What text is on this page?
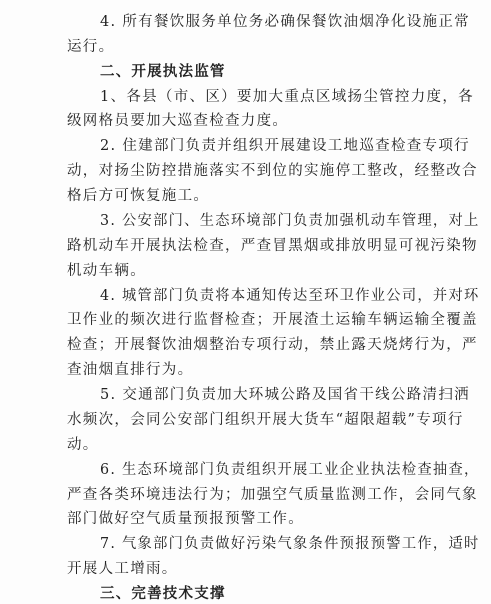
4. 所有餐饮服务单位务必确保餐饮油烟净化设施正常
运行。
二、开展执法监管
1、各县（市、区）要加大重点区域扬尘管控力度，各
级网格员要加大巡查检查力度。
2. 住建部门负责并组织开展建设工地巡查检查专项行
动，对扬尘防控措施落实不到位的实施停工整改，经整改合
格后方可恢复施工。
3. 公安部门、生态环境部门负责加强机动车管理，对上
路机动车开展执法检查，严查冒黑烟或排放明显可视污染物
机动车辆。
4. 城管部门负责将本通知传达至环卫作业公司，并对环
卫作业的频次进行监督检查；开展渣土运输车辆运输全覆盖
检查；开展餐饮油烟整治专项行动，禁止露天烧烤行为，严
查油烟直排行为。
5. 交通部门负责加大环城公路及国省干线公路清扫洒
水频次，会同公安部门组织开展大货车“超限超载”专项行
动。
6. 生态环境部门负责组织开展工业企业执法检查抽查，
严查各类环境违法行为；加强空气质量监测工作，会同气象
部门做好空气质量预报预警工作。
7. 气象部门负责做好污染气象条件预报预警工作，适时
开展人工增雨。
三、完善技术支撑
